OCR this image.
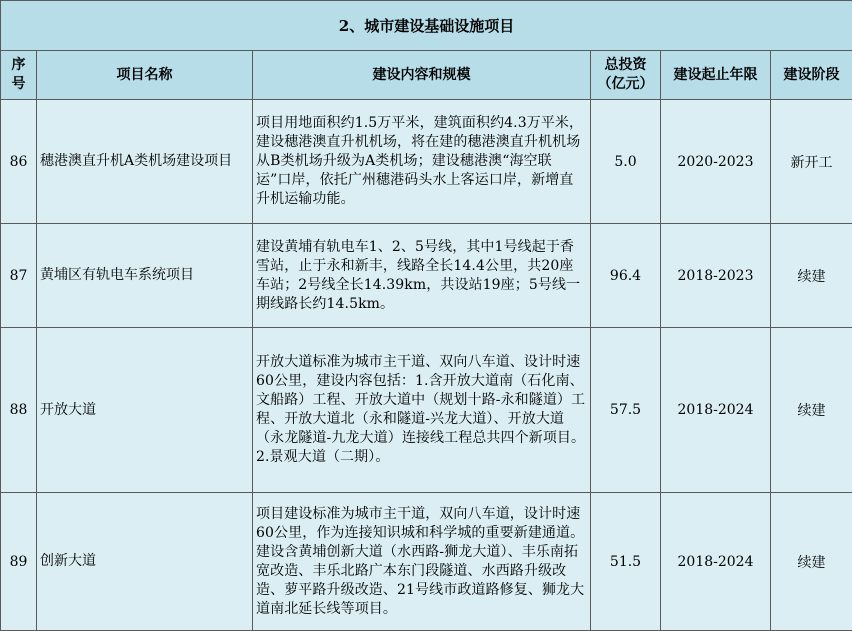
2、城市建设基础设施项目					
序号	项目名称	建设内容和规模	总投资（亿元）	建设起止年限	建设阶段
86	穗港澳直升机A类机场建设项目	项目用地面积约1.5万平米，建筑面积约4.3万平米，建设穗港澳直升机机场，将在建的穗港澳直升机机场从B类机场升级为A类机场；建设穗港澳“海空联运”口岸，依托广州穗港码头水上客运口岸，新增直升机运输功能。	5.0	2020-2023	新开工
87	黄埔区有轨电车系统项目	建设黄埔有轨电车1、2、5号线，其中1号线起于香雪站，止于永和新丰，线路全长14.4公里，共20座车站；2号线全长14.39km，共设站19座；5号线一期线路长约14.5km。	96.4	2018-2023	续建
88	开放大道	开放大道标准为城市主干道、双向八车道、设计时速60公里，建设内容包括：1.含开放大道南（石化南、文船路）工程、开放大道中（规划十路-永和隧道）工程、开放大道北（永和隧道-兴龙大道）、开放大道（永龙隧道-九龙大道）连接线工程总共四个新项目。2.景观大道（二期）。	57.5	2018-2024	续建
89	创新大道	项目建设标准为城市主干道，双向八车道，设计时速60公里，作为连接知识城和科学城的重要新建通道。建设含黄埔创新大道（水西路-狮龙大道）、丰乐南拓宽改造、丰乐北路广本东门段隧道、水西路升级改造、萝平路升级改造、21号线市政道路修复、狮龙大道南北延长线等项目。	51.5	2018-2024	续建
